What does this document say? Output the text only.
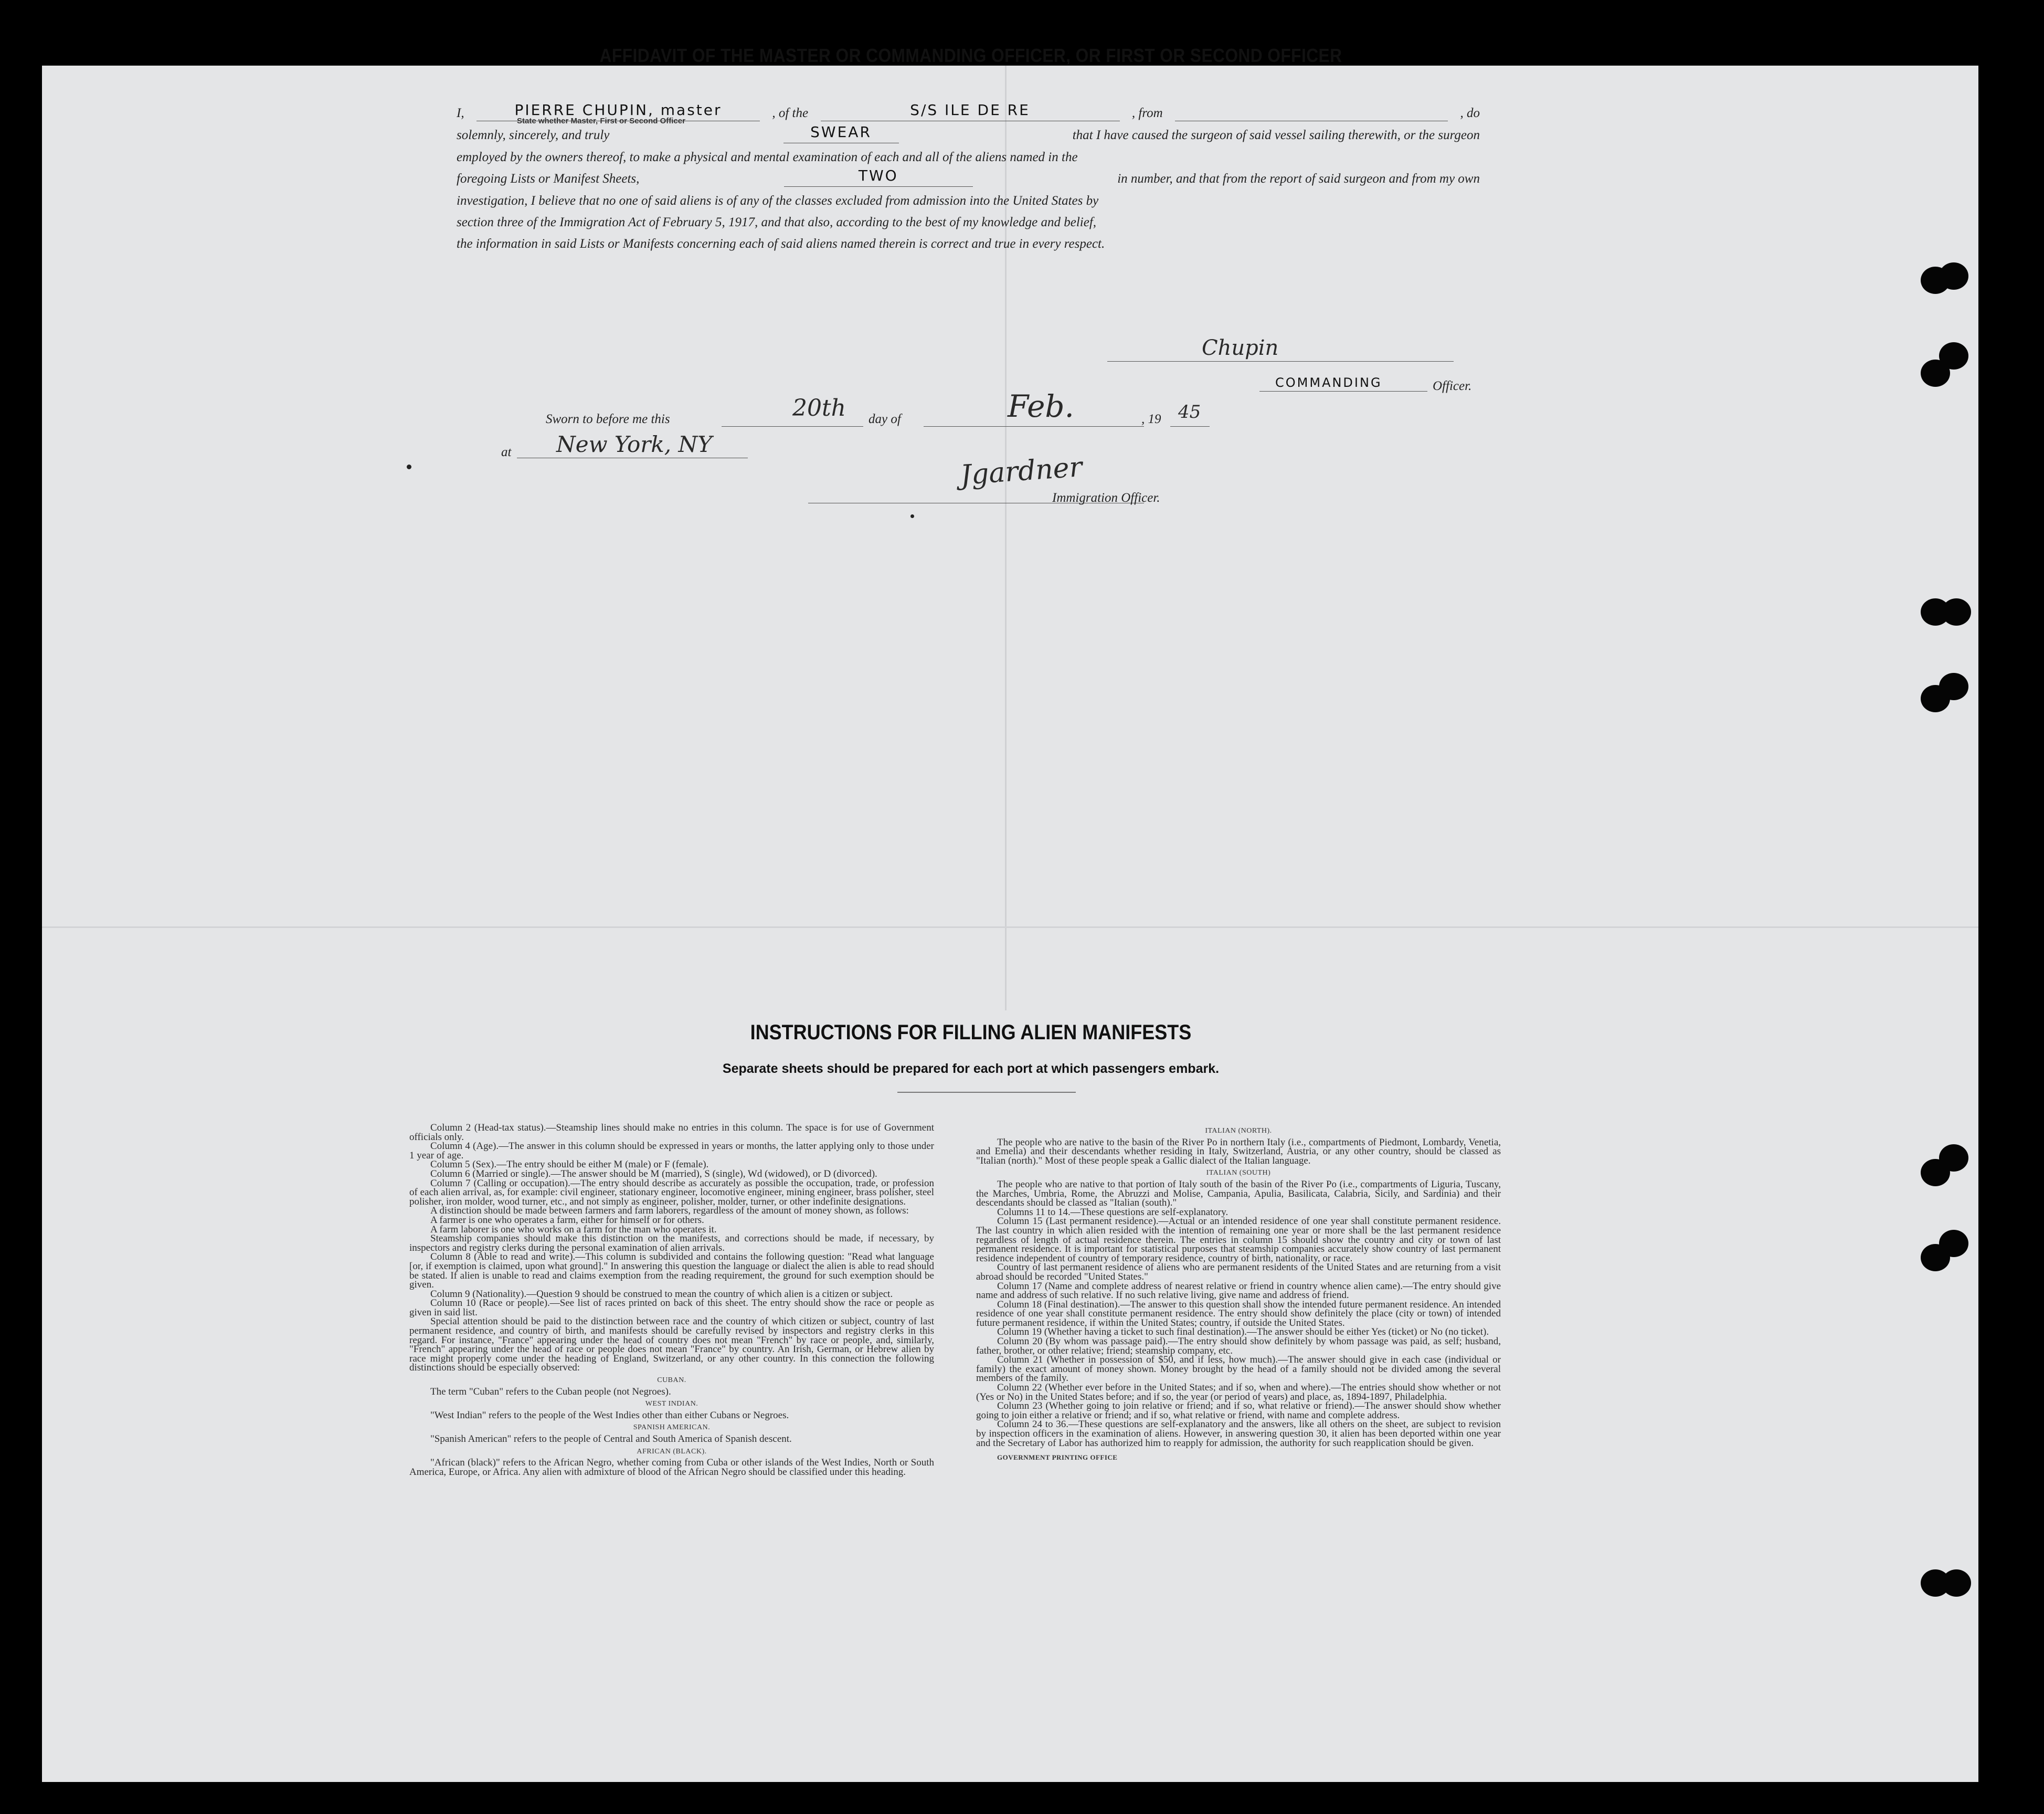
AFFIDAVIT OF THE MASTER OR COMMANDING OFFICER, OR FIRST OR SECOND OFFICER
I,	PIERRE CHUPIN, master	, of the	S/S ILE DE RE	, from	, do
solemnly, sincerely, and truly	SWEAR	that I have caused the surgeon of said vessel sailing therewith, or the surgeon
employed by the owners thereof, to make a physical and mental examination of each and all of the aliens named in the
foregoing Lists or Manifest Sheets,	TWO	in number, and that from the report of said surgeon and from my own
investigation, I believe that no one of said aliens is of any of the classes excluded from admission into the United States by
section three of the Immigration Act of February 5, 1917, and that also, according to the best of my knowledge and belief,
the information in said Lists or Manifests concerning each of said aliens named therein is correct and true in every respect.
State whether Master, First or Second Officer
Chupin
COMMANDING	Officer.
Sworn to before me this	20th day of	Feb.	, 19 45
at New York, NY
Jgardner
Immigration Officer.
INSTRUCTIONS FOR FILLING ALIEN MANIFESTS
Separate sheets should be prepared for each port at which passengers embark.

Column 2 (Head-tax status).—Steamship lines should make no entries in this column. The space is for use of Government officials only.

Column 4 (Age).—The answer in this column should be expressed in years or months, the latter applying only to those under 1 year of age.

Column 5 (Sex).—The entry should be either M (male) or F (female).

Column 6 (Married or single).—The answer should be M (married), S (single), Wd (widowed), or D (divorced).

Column 7 (Calling or occupation).—The entry should describe as accurately as possible the occupation, trade, or profession of each alien arrival, as, for example: civil engineer, stationary engineer, locomotive engineer, mining engineer, brass polisher, steel polisher, iron molder, wood turner, etc., and not simply as engineer, polisher, molder, turner, or other indefinite designations.

A distinction should be made between farmers and farm laborers, regardless of the amount of money shown, as follows:

A farmer is one who operates a farm, either for himself or for others.

A farm laborer is one who works on a farm for the man who operates it.

Steamship companies should make this distinction on the manifests, and corrections should be made, if necessary, by inspectors and registry clerks during the personal examination of alien arrivals.

Column 8 (Able to read and write).—This column is subdivided and contains the following question: "Read what language [or, if exemption is claimed, upon what ground]." In answering this question the language or dialect the alien is able to read should be stated. If alien is unable to read and claims exemption from the reading requirement, the ground for such exemption should be given.

Column 9 (Nationality).—Question 9 should be construed to mean the country of which alien is a citizen or subject.

Column 10 (Race or people).—See list of races printed on back of this sheet. The entry should show the race or people as given in said list.

Special attention should be paid to the distinction between race and the country of which citizen or subject, country of last permanent residence, and country of birth, and manifests should be carefully revised by inspectors and registry clerks in this regard. For instance, "France" appearing under the head of country does not mean "French" by race or people, and, similarly, "French" appearing under the head of race or people does not mean "France" by country. An Irish, German, or Hebrew alien by race might properly come under the heading of England, Switzerland, or any other country. In this connection the following distinctions should be especially observed:

CUBAN.

The term "Cuban" refers to the Cuban people (not Negroes).

WEST INDIAN.

"West Indian" refers to the people of the West Indies other than either Cubans or Negroes.

SPANISH AMERICAN.

"Spanish American" refers to the people of Central and South America of Spanish descent.

AFRICAN (BLACK).

"African (black)" refers to the African Negro, whether coming from Cuba or other islands of the West Indies, North or South America, Europe, or Africa. Any alien with admixture of blood of the African Negro should be classified under this heading.

ITALIAN (NORTH).

The people who are native to the basin of the River Po in northern Italy (i.e., compartments of Piedmont, Lombardy, Venetia, and Emelia) and their descendants whether residing in Italy, Switzerland, Austria, or any other country, should be classed as "Italian (north)." Most of these people speak a Gallic dialect of the Italian language.

ITALIAN (SOUTH)

The people who are native to that portion of Italy south of the basin of the River Po (i.e., compartments of Liguria, Tuscany, the Marches, Umbria, Rome, the Abruzzi and Molise, Campania, Apulia, Basilicata, Calabria, Sicily, and Sardinia) and their descendants should be classed as "Italian (south)."

Columns 11 to 14.—These questions are self-explanatory.

Column 15 (Last permanent residence).—Actual or an intended residence of one year shall constitute permanent residence. The last country in which alien resided with the intention of remaining one year or more shall be the last permanent residence regardless of length of actual residence therein. The entries in column 15 should show the country and city or town of last permanent residence. It is important for statistical purposes that steamship companies accurately show country of last permanent residence independent of country of temporary residence, country of birth, nationality, or race.

Country of last permanent residence of aliens who are permanent residents of the United States and are returning from a visit abroad should be recorded "United States."

Column 17 (Name and complete address of nearest relative or friend in country whence alien came).—The entry should give name and address of such relative. If no such relative living, give name and address of friend.

Column 18 (Final destination).—The answer to this question shall show the intended future permanent residence. An intended residence of one year shall constitute permanent residence. The entry should show definitely the place (city or town) of intended future permanent residence, if within the United States; country, if outside the United States.

Column 19 (Whether having a ticket to such final destination).—The answer should be either Yes (ticket) or No (no ticket).

Column 20 (By whom was passage paid).—The entry should show definitely by whom passage was paid, as self; husband, father, brother, or other relative; friend; steamship company, etc.

Column 21 (Whether in possession of $50, and if less, how much).—The answer should give in each case (individual or family) the exact amount of money shown. Money brought by the head of a family should not be divided among the several members of the family.

Column 22 (Whether ever before in the United States; and if so, when and where).—The entries should show whether or not (Yes or No) in the United States before; and if so, the year (or period of years) and place, as, 1894-1897, Philadelphia.

Column 23 (Whether going to join relative or friend; and if so, what relative or friend).—The answer should show whether going to join either a relative or friend; and if so, what relative or friend, with name and complete address.

Column 24 to 36.—These questions are self-explanatory and the answers, like all others on the sheet, are subject to revision by inspection officers in the examination of aliens. However, in answering question 30, it alien has been deported within one year and the Secretary of Labor has authorized him to reapply for admission, the authority for such reapplication should be given.

GOVERNMENT PRINTING OFFICE
